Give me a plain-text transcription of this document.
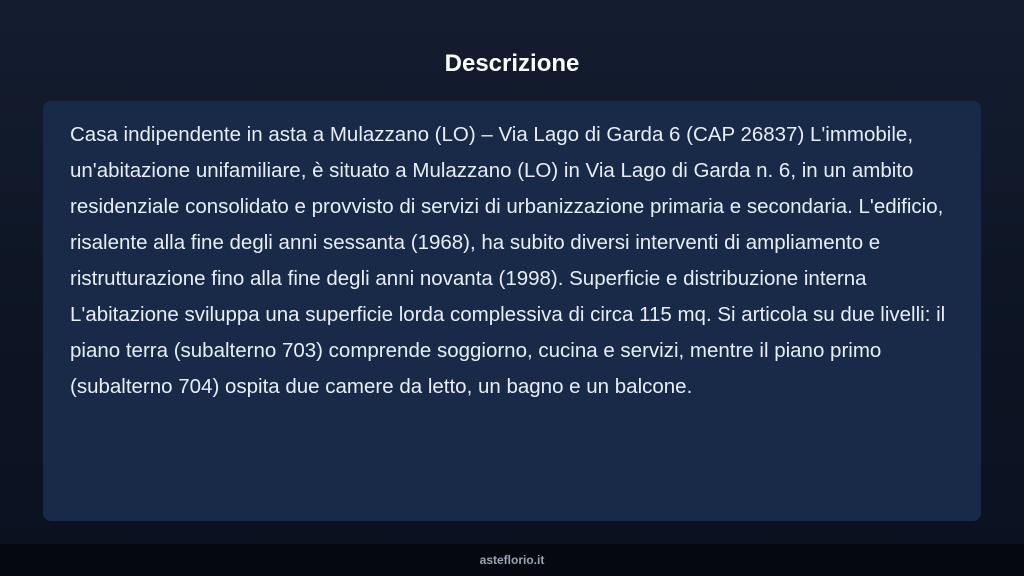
Descrizione

Casa indipendente in asta a Mulazzano (LO) – Via Lago di Garda 6 (CAP 26837) L'immobile, un'abitazione unifamiliare, è situato a Mulazzano (LO) in Via Lago di Garda n. 6, in un ambito residenziale consolidato e provvisto di servizi di urbanizzazione primaria e secondaria. L'edificio, risalente alla fine degli anni sessanta (1968), ha subito diversi interventi di ampliamento e ristrutturazione fino alla fine degli anni novanta (1998). Superficie e distribuzione interna L'abitazione sviluppa una superficie lorda complessiva di circa 115 mq. Si articola su due livelli: il piano terra (subalterno 703) comprende soggiorno, cucina e servizi, mentre il piano primo (subalterno 704) ospita due camere da letto, un bagno e un balcone.

asteflorio.it
